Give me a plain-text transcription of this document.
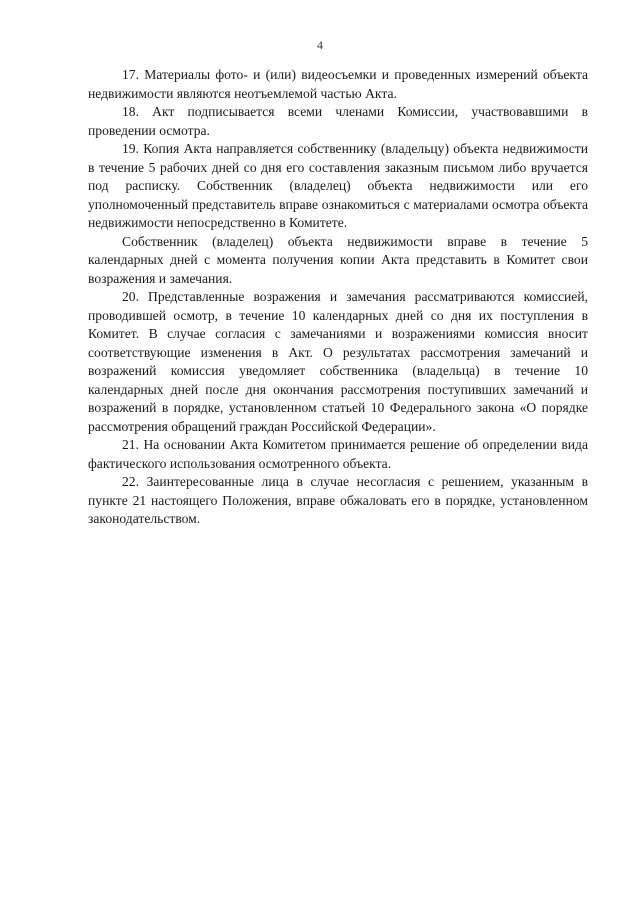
4

17. Материалы фото- и (или) видеосъемки и проведенных измерений объекта недвижимости являются неотъемлемой частью Акта.

18. Акт подписывается всеми членами Комиссии, участвовавшими в проведении осмотра.

19. Копия Акта направляется собственнику (владельцу) объекта недвижимости в течение 5 рабочих дней со дня его составления заказным письмом либо вручается под расписку. Собственник (владелец) объекта недвижимости или его уполномоченный представитель вправе ознакомиться с материалами осмотра объекта недвижимости непосредственно в Комитете.

Собственник (владелец) объекта недвижимости вправе в течение 5 календарных дней с момента получения копии Акта представить в Комитет свои возражения и замечания.

20. Представленные возражения и замечания рассматриваются комиссией, проводившей осмотр, в течение 10 календарных дней со дня их поступления в Комитет. В случае согласия с замечаниями и возражениями комиссия вносит соответствующие изменения в Акт. О результатах рассмотрения замечаний и возражений комиссия уведомляет собственника (владельца) в течение 10 календарных дней после дня окончания рассмотрения поступивших замечаний и возражений в порядке, установленном статьей 10 Федерального закона «О порядке рассмотрения обращений граждан Российской Федерации».

21. На основании Акта Комитетом принимается решение об определении вида фактического использования осмотренного объекта.

22. Заинтересованные лица в случае несогласия с решением, указанным в пункте 21 настоящего Положения, вправе обжаловать его в порядке, установленном законодательством.
